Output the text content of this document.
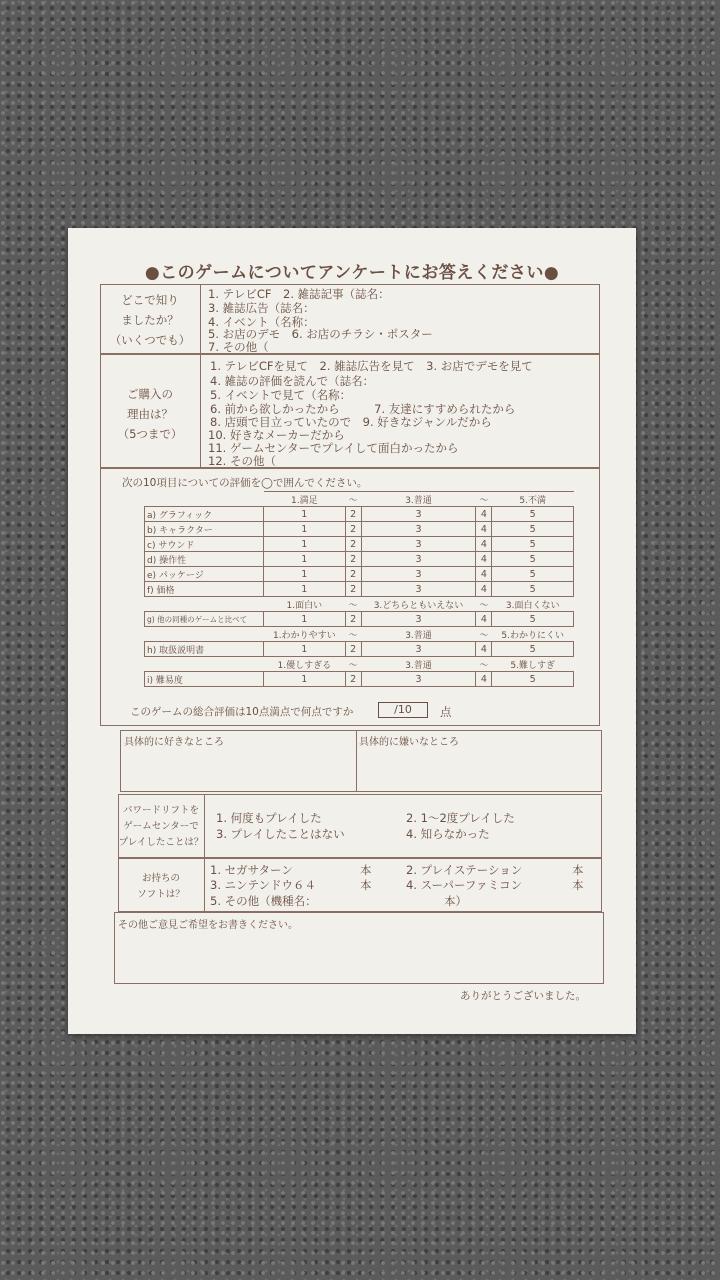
●このゲームについてアンケートにお答えください●
どこで知り
ましたか？
（いくつでも）
1. テレビCF　2. 雑誌記事（誌名：
3. 雑誌広告（誌名：
4. イベント（名称：
5. お店のデモ　6. お店のチラシ・ポスター
7. その他（
ご購入の
理由は？
（5つまで）
1. テレビCFを見て　2. 雑誌広告を見て　3. お店でデモを見て
4. 雑誌の評価を読んで（誌名：
5. イベントで見て（名称：
6. 前から欲しかったから　　　7. 友達にすすめられたから
8. 店頭で目立っていたので　9. 好きなジャンルだから
10. 好きなメーカーだから
11. ゲームセンターでプレイして面白かったから
12. その他（
次の10項目についての評価を◯で囲んでください。
	1.満足	～	3.普通	～	5.不満
a) グラフィック	1	2	3	4	5
b) キャラクター	1	2	3	4	5
c) サウンド	1	2	3	4	5
d) 操作性	1	2	3	4	5
e) パッケージ	1	2	3	4	5
f) 価格	1	2	3	4	5
	1.面白い	～	3.どちらともいえない	～	3.面白くない
g) 他の同種のゲームと比べて	1	2	3	4	5
	1.わかりやすい	～	3.普通	～	5.わかりにくい
h) 取扱説明書	1	2	3	4	5
	1.優しすぎる	～	3.普通	～	5.難しすぎ
i) 難易度	1	2	3	4	5
このゲームの総合評価は10点満点で何点ですか	/10	点
具体的に好きなところ	具体的に嫌いなところ
パワードリフトを
ゲームセンターで
プレイしたことは？
1. 何度もプレイした	2. 1～2度プレイした
3. プレイしたことはない	4. 知らなかった
お持ちの
ソフトは？
1. セガサターン	本	2. プレイステーション	本
3. ニンテンドウ６４	本	4. スーパーファミコン	本
5. その他（機種名：	本）
その他ご意見ご希望をお書きください。
ありがとうございました。
